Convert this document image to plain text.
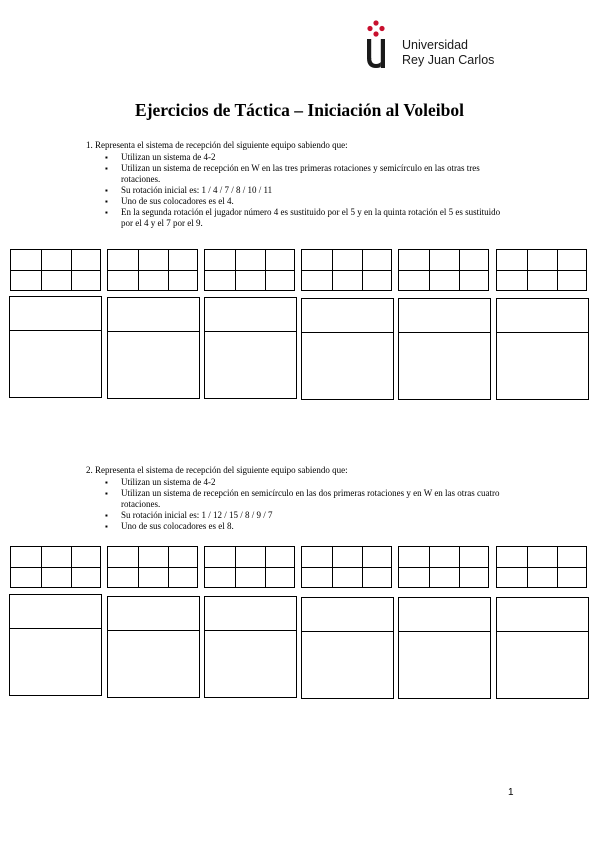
Universidad
Rey Juan Carlos
Ejercicios de Táctica – Iniciación al Voleibol

1. Representa el sistema de recepción del siguiente equipo sabiendo que:

▪ Utilizan un sistema de 4-2
▪ Utilizan un sistema de recepción en W en las tres primeras rotaciones y semicírculo en las otras tres rotaciones.
▪ Su rotación inicial es: 1 / 4 / 7 / 8 / 10 / 11
▪ Uno de sus colocadores es el 4.
▪ En la segunda rotación el jugador número 4 es sustituido por el 5 y en la quinta rotación el 5 es sustituido por el 4 y el 7 por el 9.

2. Representa el sistema de recepción del siguiente equipo sabiendo que:

▪ Utilizan un sistema de 4-2
▪ Utilizan un sistema de recepción en semicírculo en las dos primeras rotaciones y en W en las otras cuatro rotaciones.
▪ Su rotación inicial es: 1 / 12 / 15 / 8 / 9 / 7
▪ Uno de sus colocadores es el 8.
1
